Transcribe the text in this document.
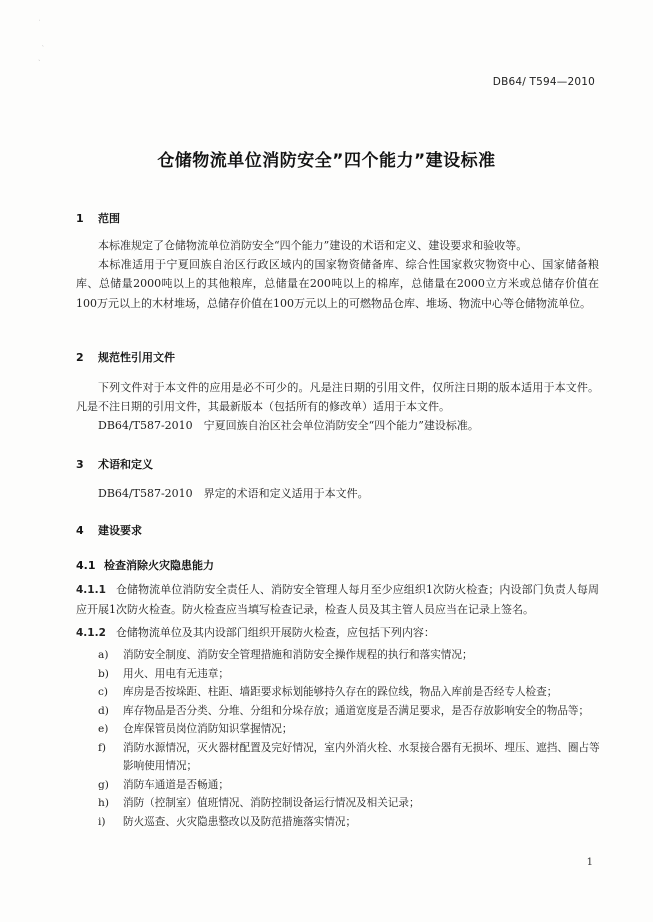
˙
ˎ
ˋ
DB64/ T594—2010
仓储物流单位消防安全”四个能力”建设标准
1 范围

本标准规定了仓储物流单位消防安全“四个能力”建设的术语和定义、建设要求和验收等。

本标准适用于宁夏回族自治区行政区域内的国家物资储备库、综合性国家救灾物资中心、国家储备粮库、总储量2000吨以上的其他粮库，总储量在200吨以上的棉库，总储量在2000立方米或总储存价值在100万元以上的木材堆场，总储存价值在100万元以上的可燃物品仓库、堆场、物流中心等仓储物流单位。

2 规范性引用文件

下列文件对于本文件的应用是必不可少的。凡是注日期的引用文件，仅所注日期的版本适用于本文件。凡是不注日期的引用文件，其最新版本（包括所有的修改单）适用于本文件。

DB64/T587-2010　宁夏回族自治区社会单位消防安全“四个能力”建设标准。

3 术语和定义

DB64/T587-2010　界定的术语和定义适用于本文件。

4 建设要求
4.1 检查消除火灾隐患能力

4.1.1 仓储物流单位消防安全责任人、消防安全管理人每月至少应组织1次防火检查；内设部门负责人每周应开展1次防火检查。防火检查应当填写检查记录，检查人员及其主管人员应当在记录上签名。

4.1.2 仓储物流单位及其内设部门组织开展防火检查，应包括下列内容：

a)	消防安全制度、消防安全管理措施和消防安全操作规程的执行和落实情况；
b)	用火、用电有无违章；
c)	库房是否按垛距、柱距、墙距要求标划能够持久存在的跺位线，物品入库前是否经专人检查；
d)	库存物品是否分类、分堆、分组和分垛存放；通道宽度是否满足要求，是否存放影响安全的物品等；
e)	仓库保管员岗位消防知识掌握情况；
f)	消防水源情况，灭火器材配置及完好情况，室内外消火栓、水泵接合器有无损坏、埋压、遮挡、圈占等影响使用情况；
g)	消防车通道是否畅通；
h)	消防（控制室）值班情况、消防控制设备运行情况及相关记录；
i)	防火巡查、火灾隐患整改以及防范措施落实情况；
1
